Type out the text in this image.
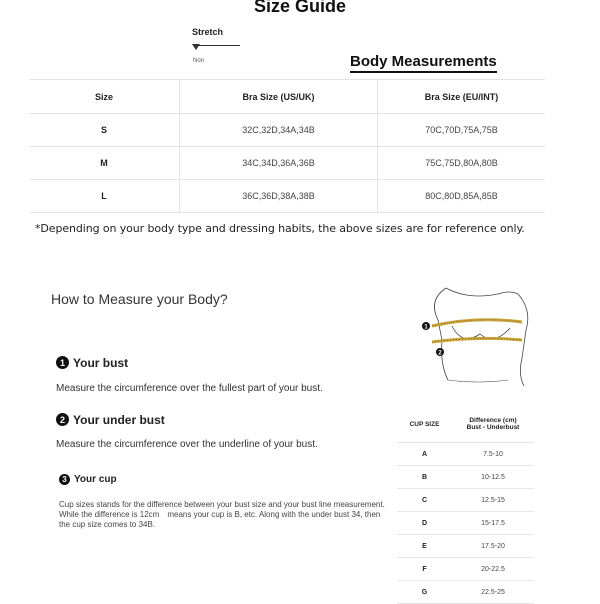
Size Guide
Stretch
Non	Body Measurements
Size	Bra Size (US/UK)	Bra Size (EU/INT)
S	32C,32D,34A,34B	70C,70D,75A,75B
M	34C,34D,36A,36B	75C,75D,80A,80B
L	36C,36D,38A,38B	80C,80D,85A,85B
*Depending on your body type and dressing habits, the above sizes are for reference only.
How to Measure your Body?
1 Your bust
Measure the circumference over the fullest part of your bust.
2 Your under bust
Measure the circumference over the underline of your bust.
3 Your cup
Cup sizes stands for the difference between your bust size and your bust line measurement. While the difference is 12cm　means your cup is B, etc. Along with the under bust 34, then the cup size comes to 34B.
1
2
CUP SIZE	Difference (cm)
Bust - Underbust

A	7.5-10
B	10-12.5
C	12.5-15
D	15-17.5
E	17.5-20
F	20-22.5
G	22.5-25
